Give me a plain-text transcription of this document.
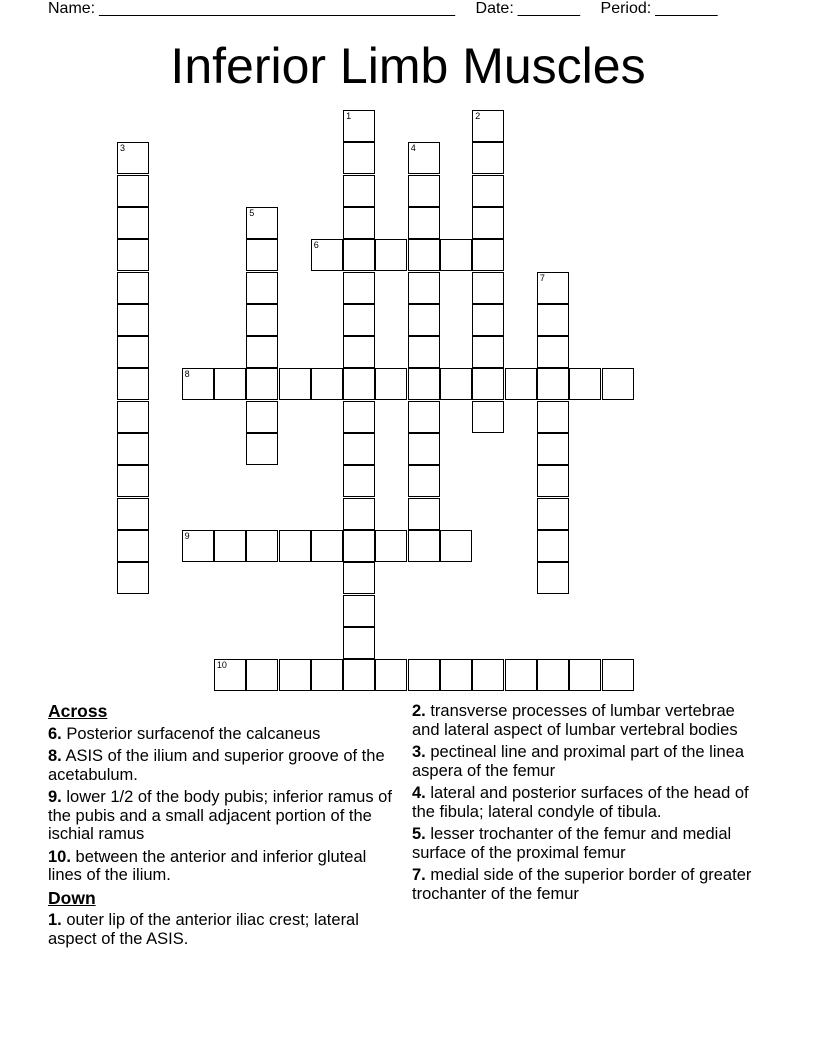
Name: ________________________________________ Date: _______ Period: _______
Inferior Limb Muscles
1	2
3	4
5
6
7
8
9
10
Across
6. Posterior surfacenof the calcaneus
8. ASIS of the ilium and superior groove of the acetabulum.
9. lower 1/2 of the body pubis; inferior ramus of the pubis and a small adjacent portion of the ischial ramus
10. between the anterior and inferior gluteal lines of the ilium.
Down
1. outer lip of the anterior iliac crest; lateral aspect of the ASIS.
2. transverse processes of lumbar vertebrae and lateral aspect of lumbar vertebral bodies
3. pectineal line and proximal part of the linea aspera of the femur
4. lateral and posterior surfaces of the head of the fibula; lateral condyle of tibula.
5. lesser trochanter of the femur and medial surface of the proximal femur
7. medial side of the superior border of greater trochanter of the femur
